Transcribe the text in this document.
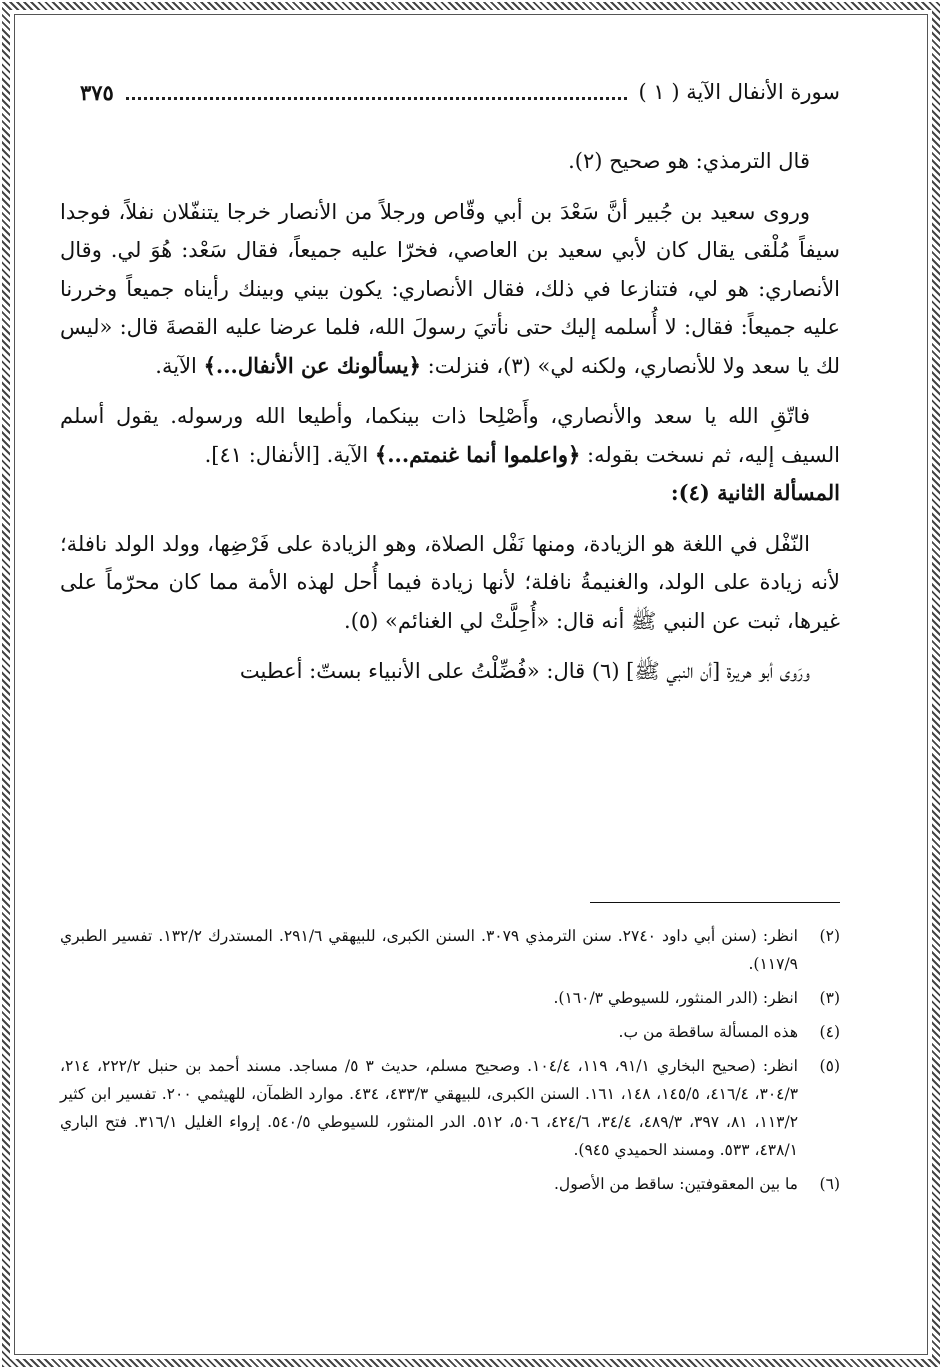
سورة الأنفال الآية ( ١ )
٣٧٥

قال الترمذي: هو صحيح (٢).

وروى سعيد بن جُبير أنَّ سَعْدَ بن أبي وقّاص ورجلاً من الأنصار خرجا يتنفّلان نفلاً، فوجدا سيفاً مُلْقى يقال كان لأبي سعيد بن العاصي، فخرّا عليه جميعاً، فقال سَعْد: هُوَ لي. وقال الأنصاري: هو لي، فتنازعا في ذلك، فقال الأنصاري: يكون بيني وبينك رأيناه جميعاً وخررنا عليه جميعاً: فقال: لا أُسلمه إليك حتى نأتيَ رسولَ الله، فلما عرضا عليه القصةَ قال: «ليس لك يا سعد ولا للأنصاري، ولكنه لي» (٣)، فنزلت: ﴿يسألونك عن الأنفال...﴾ الآية.

فاتّقِ الله يا سعد والأنصاري، وأَصْلِحا ذات بينكما، وأطيعا الله ورسوله. يقول أسلم السيف إليه، ثم نسخت بقوله: ﴿واعلموا أنما غنمتم...﴾ الآية. [الأنفال: ٤١].

المسألة الثانية (٤):

النّفْل في اللغة هو الزيادة، ومنها نَفْل الصلاة، وهو الزيادة على فَرْضِها، وولد الولد نافلة؛ لأنه زيادة على الولد، والغنيمةُ نافلة؛ لأنها زيادة فيما أُحل لهذه الأمة مما كان محرّماً على غيرها، ثبت عن النبي ﷺ أنه قال: «أُحِلَّتْ لي الغنائم» (٥).

ورَوى أبو هريرة [أن النبي ﷺ] (٦) قال: «فُضِّلْتُ على الأنبياء بستّ: أعطيت

(٢)
انظر: (سنن أبي داود ٢٧٤٠. سنن الترمذي ٣٠٧٩. السنن الكبرى، للبيهقي ٢٩١/٦. المستدرك ١٣٢/٢. تفسير الطبري ١١٧/٩).
(٣)
انظر: (الدر المنثور، للسيوطي ١٦٠/٣).
(٤)
هذه المسألة ساقطة من ب.
(٥)
انظر: (صحيح البخاري ٩١/١، ١١٩، ١٠٤/٤. وصحيح مسلم، حديث ٣ ٥/ مساجد. مسند أحمد بن حنبل ٢٢٢/٢، ٢١٤، ٣٠٤/٣، ٤١٦/٤، ١٤٥/٥، ١٤٨، ١٦١. السنن الكبرى، للبيهقي ٤٣٣/٣، ٤٣٤. موارد الظمآن، للهيثمي ٢٠٠. تفسير ابن كثير ١١٣/٢، ٨١، ٣٩٧، ٤٨٩/٣، ٣٤/٤، ٤٢٤/٦، ٥٠٦، ٥١٢. الدر المنثور، للسيوطي ٥٤٠/٥. إرواء الغليل ٣١٦/١. فتح الباري ٤٣٨/١، ٥٣٣. ومسند الحميدي ٩٤٥).
(٦)
ما بين المعقوفتين: ساقط من الأصول.
